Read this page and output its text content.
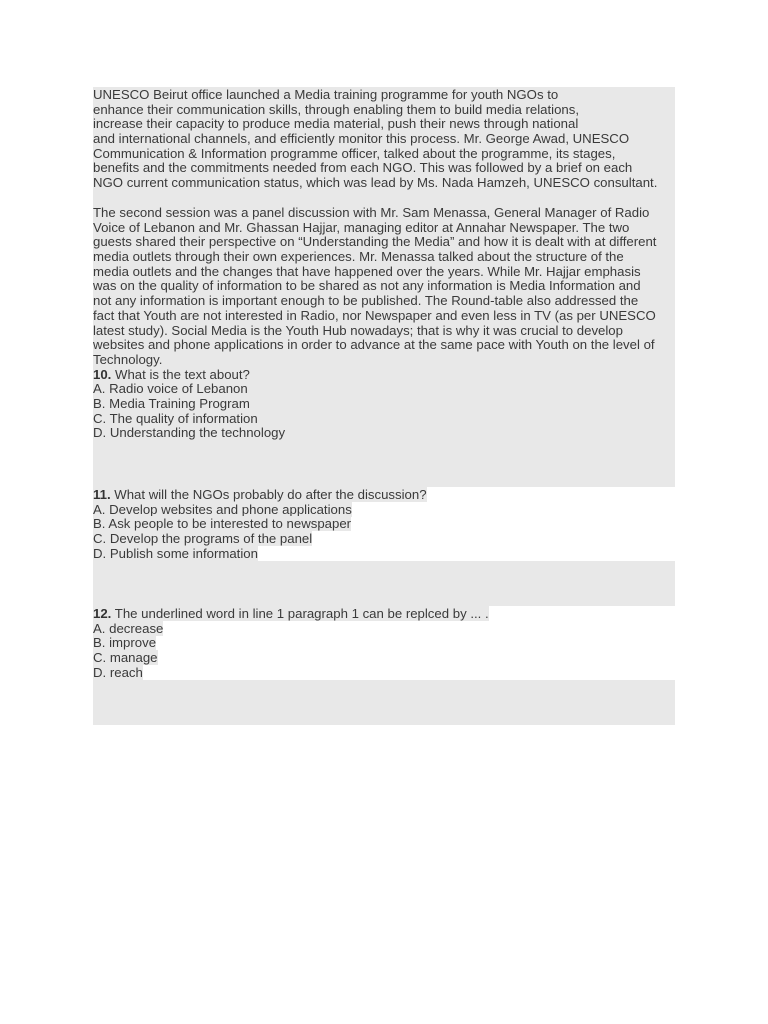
UNESCO Beirut office launched a Media training programme for youth NGOs to
enhance their communication skills, through enabling them to build media relations,
increase their capacity to produce media material, push their news through national
and international channels, and efficiently monitor this process. Mr. George Awad, UNESCO
Communication & Information programme officer, talked about the programme, its stages,
benefits and the commitments needed from each NGO. This was followed by a brief on each
NGO current communication status, which was lead by Ms. Nada Hamzeh, UNESCO consultant.
The second session was a panel discussion with Mr. Sam Menassa, General Manager of Radio
Voice of Lebanon and Mr. Ghassan Hajjar, managing editor at Annahar Newspaper. The two
guests shared their perspective on “Understanding the Media” and how it is dealt with at different
media outlets through their own experiences. Mr. Menassa talked about the structure of the
media outlets and the changes that have happened over the years. While Mr. Hajjar emphasis
was on the quality of information to be shared as not any information is Media Information and
not any information is important enough to be published. The Round-table also addressed the
fact that Youth are not interested in Radio, nor Newspaper and even less in TV (as per UNESCO
latest study). Social Media is the Youth Hub nowadays; that is why it was crucial to develop
websites and phone applications in order to advance at the same pace with Youth on the level of
Technology.
10. What is the text about?
A. Radio voice of Lebanon
B. Media Training Program
C. The quality of information
D. Understanding the technology
11. What will the NGOs probably do after the discussion?
A. Develop websites and phone applications
B. Ask people to be interested to newspaper
C. Develop the programs of the panel
D. Publish some information
12. The underlined word in line 1 paragraph 1 can be replced by ... .
A. decrease
B. improve
C. manage
D. reach
